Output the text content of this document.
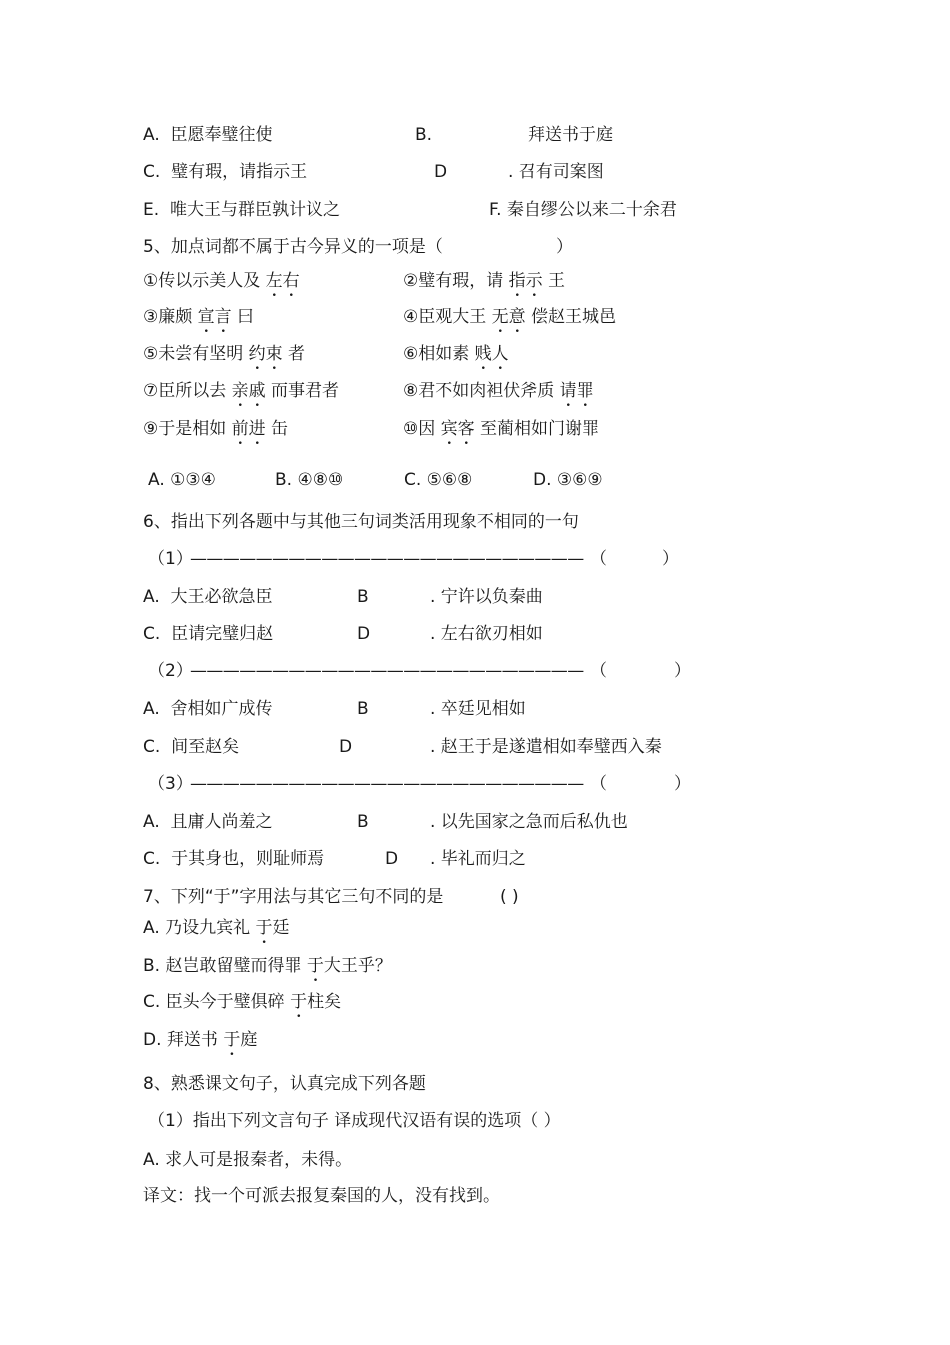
A. 臣愿奉璧往使	B.	拜送书于庭
C. 璧有瑕，请指示王	D	. 召有司案图
E. 唯大王与群臣孰计议之	F. 秦自缪公以来二十余君
5、加点词都不属于古今异义的一项是（	）
①传以示美人及 左右	②璧有瑕，请 指示 王
③廉颇 宣言 曰	④臣观大王 无意 偿赵王城邑
⑤未尝有坚明 约束 者	⑥相如素 贱人
⑦臣所以去 亲戚 而事君者	⑧君不如肉袒伏斧质 请罪
⑨于是相如 前进 缶	⑩因 宾客 至蔺相如门谢罪
A. ①③④	B. ④⑧⑩	C. ⑤⑥⑧	D. ③⑥⑨
6、指出下列各题中与其他三句词类活用现象不相同的一句
（1）
———————————————————————— （	）
A. 大王必欲急臣	B	. 宁许以负秦曲
C. 臣请完璧归赵	D	. 左右欲刃相如
（2）
———————————————————————— （	）
A. 舍相如广成传	B	. 卒廷见相如
C. 间至赵矣	D	. 赵王于是遂遣相如奉璧西入秦
（3）
———————————————————————— （	）
A. 且庸人尚羞之	B	. 以先国家之急而后私仇也
C. 于其身也，则耻师焉	D . 毕礼而归之
7、下列“于”字用法与其它三句不同的是	( )
A. 乃设九宾礼 于廷
B. 赵岂敢留璧而得罪 于大王乎？
C. 臣头今于璧俱碎 于柱矣
D. 拜送书 于庭
8、熟悉课文句子，认真完成下列各题
（1）指出下列文言句子 译成现代汉语有误的选项（ ）
A. 求人可是报秦者，未得。
译文：找一个可派去报复秦国的人，没有找到。
